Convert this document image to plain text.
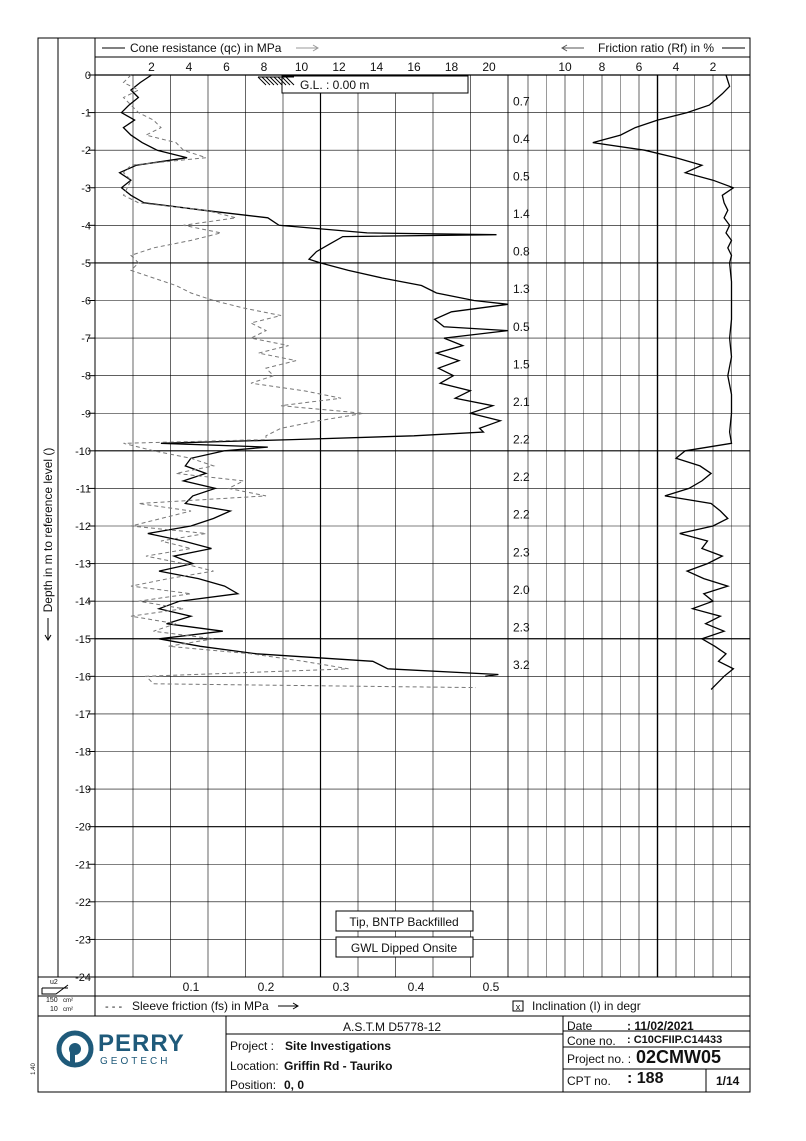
0
-1
-2
-3
-4
-5
-6
-7
-8
-9
-10
-11
-12
-13
-14
-15
-16
-17
-18
-19
-20
-21
-22
-23
-24
2	4	6	8 10 12 14 16 18 20	10 8	6	4	2
0.1	0.2	0.3	0.4	0.5
Cone resistance (qc) in MPa	Friction ratio (Rf) in %
Depth in m to reference level ()
- - - Sleeve friction (fs) in MPa	x Inclination (I) in degr
u2
150 cm²
10 cm²
G.L. : 0.00 m
0.7
0.4
0.5
1.4
0.8
1.3
0.5
1.5
2.1
2.2
2.2
2.2
2.3
2.0
2.3
3.2
Tip, BNTP Backfilled
GWL Dipped Onsite
PERRY
GEOTECH
A.S.T.M D5778-12
Project : Site Investigations
Location: Griffin Rd - Tauriko
Position: 0, 0
Date	: 11/02/2021
Cone no. : C10CFIIP.C14433
Project no. : 02CMW05
CPT no. : 188	1/14
1.40
